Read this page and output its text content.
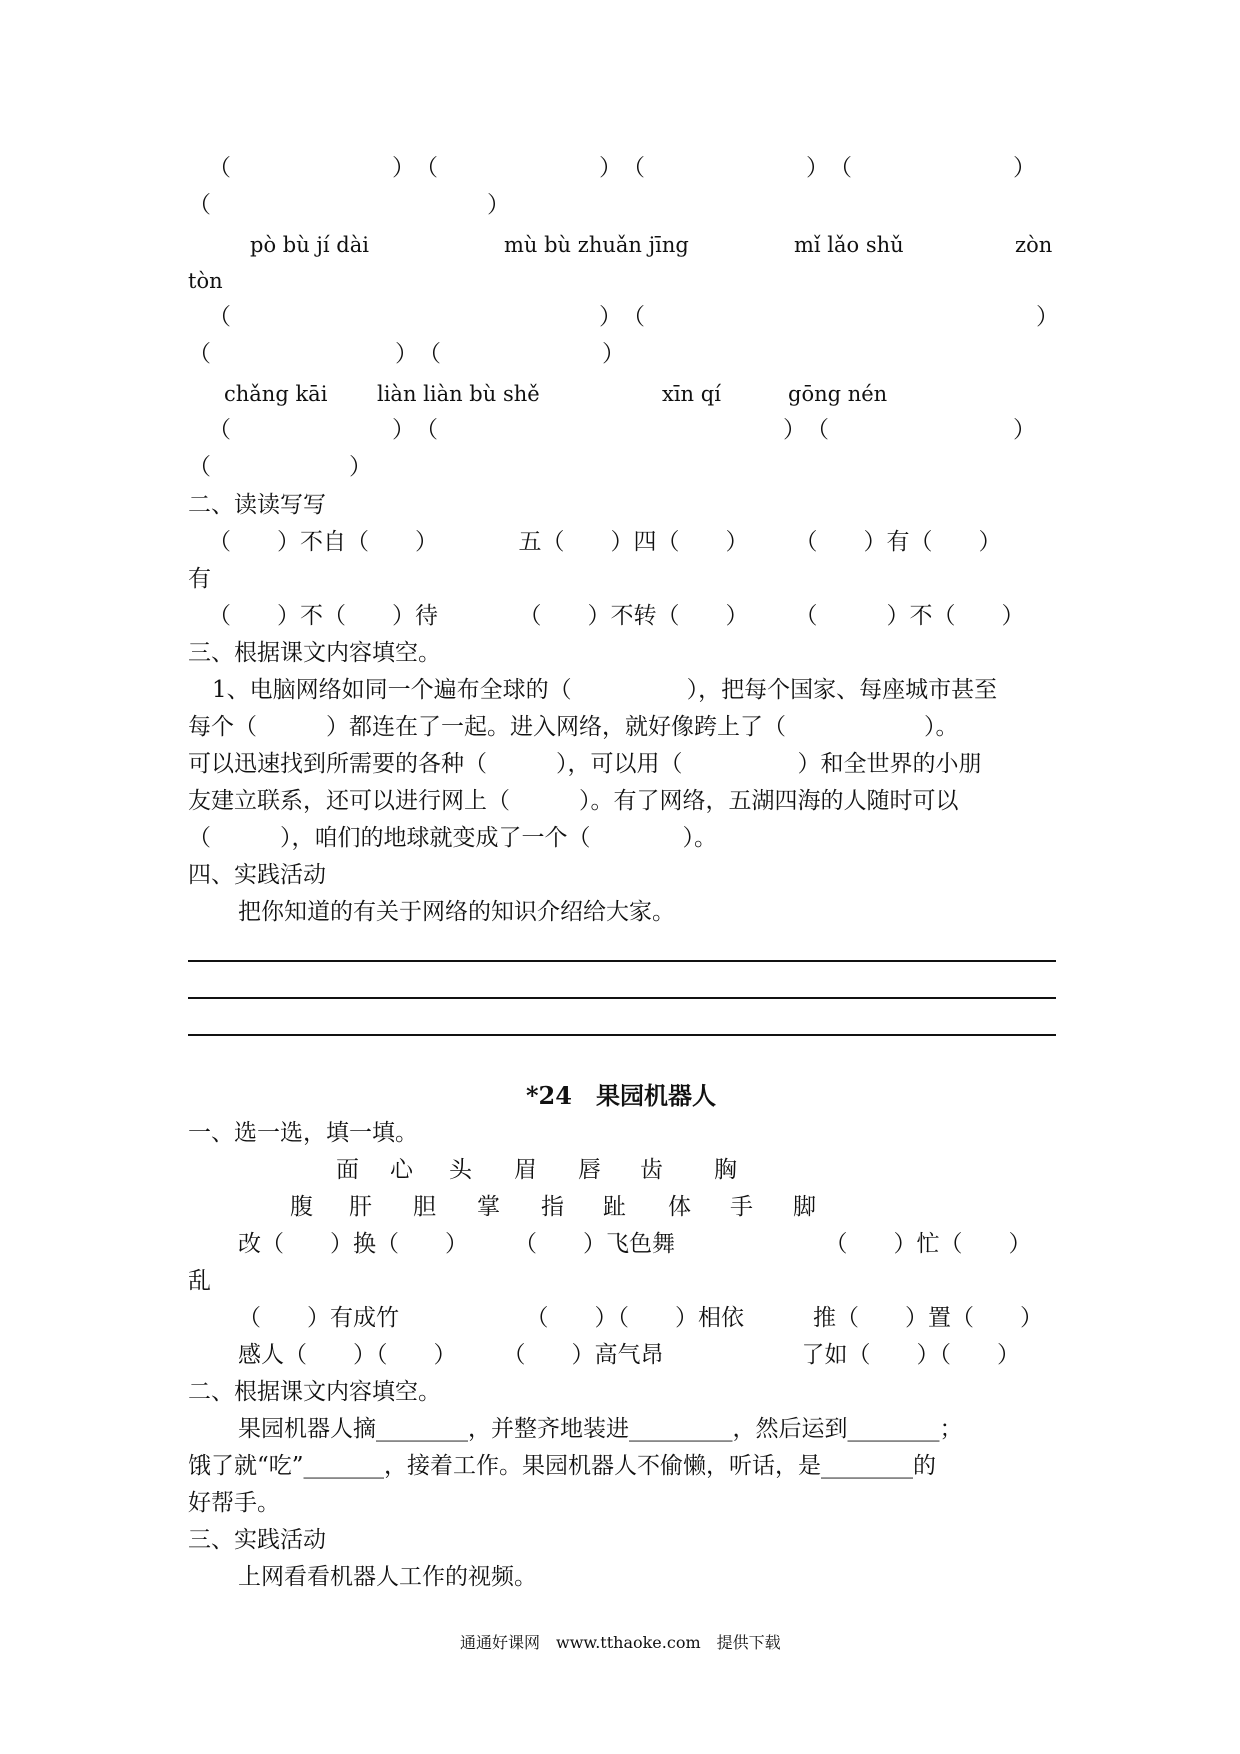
（　　　　　　　）　（　　　　　　　）　（　　　　　　　）　（　　　　　　　）
（　　　　　　　　　　　　）
pò bù jí dài	mù bù zhuǎn jīng	mǐ lǎo shǔ	zòn
tòn
（　　　　　　　　　　　　　　　　）　（　　　　　　　　　　　　　　　　　）
（　　　　　　　　）　（　　　　　　　）
chǎng kāi liàn liàn bù shě	xīn qí	gōng nén
（　　　　　　　）　（　　　　　　　　　　　　　　　）　（　　　　　　　　）
（　　　　　　）
二、读读写写
（　　）不自（　　）　　　　五（　　）四（　　）　　　（　　）有（　　）
有
（　　）不（　　）待　　　　（　　）不转（　　）　　　（　　　）不（　　）
三、根据课文内容填空。
1、电脑网络如同一个遍布全球的（　　　　　），把每个国家、每座城市甚至
每个（　　　）都连在了一起。进入网络，就好像跨上了（　　　　　　）。
可以迅速找到所需要的各种（　　　），可以用（　　　　　）和全世界的小朋
友建立联系，还可以进行网上（　　　）。有了网络，五湖四海的人随时可以
（　　　），咱们的地球就变成了一个（　　　　）。
四、实践活动
把你知道的有关于网络的知识介绍给大家。
*24　果园机器人
一、选一选，填一填。
面 心 头 眉 唇 齿 胸
腹 肝 胆 掌 指 趾 体 手 脚
改（　　）换（　　）　　　（　　）飞色舞　　　　　　　（　　）忙（　　）
乱
（　　）有成竹　　　　　　（　　）（　　）相依　　　推（　　）置（　　）
感人（　　）（　　）　　　（　　）高气昂　　　　　　了如（　　）（　　）
二、根据课文内容填空。
果园机器人摘________，并整齐地装进_________，然后运到________；
饿了就“吃”_______，接着工作。果园机器人不偷懒，听话，是________的
好帮手。
三、实践活动
上网看看机器人工作的视频。
通通好课网　www.tthaoke.com　提供下载
